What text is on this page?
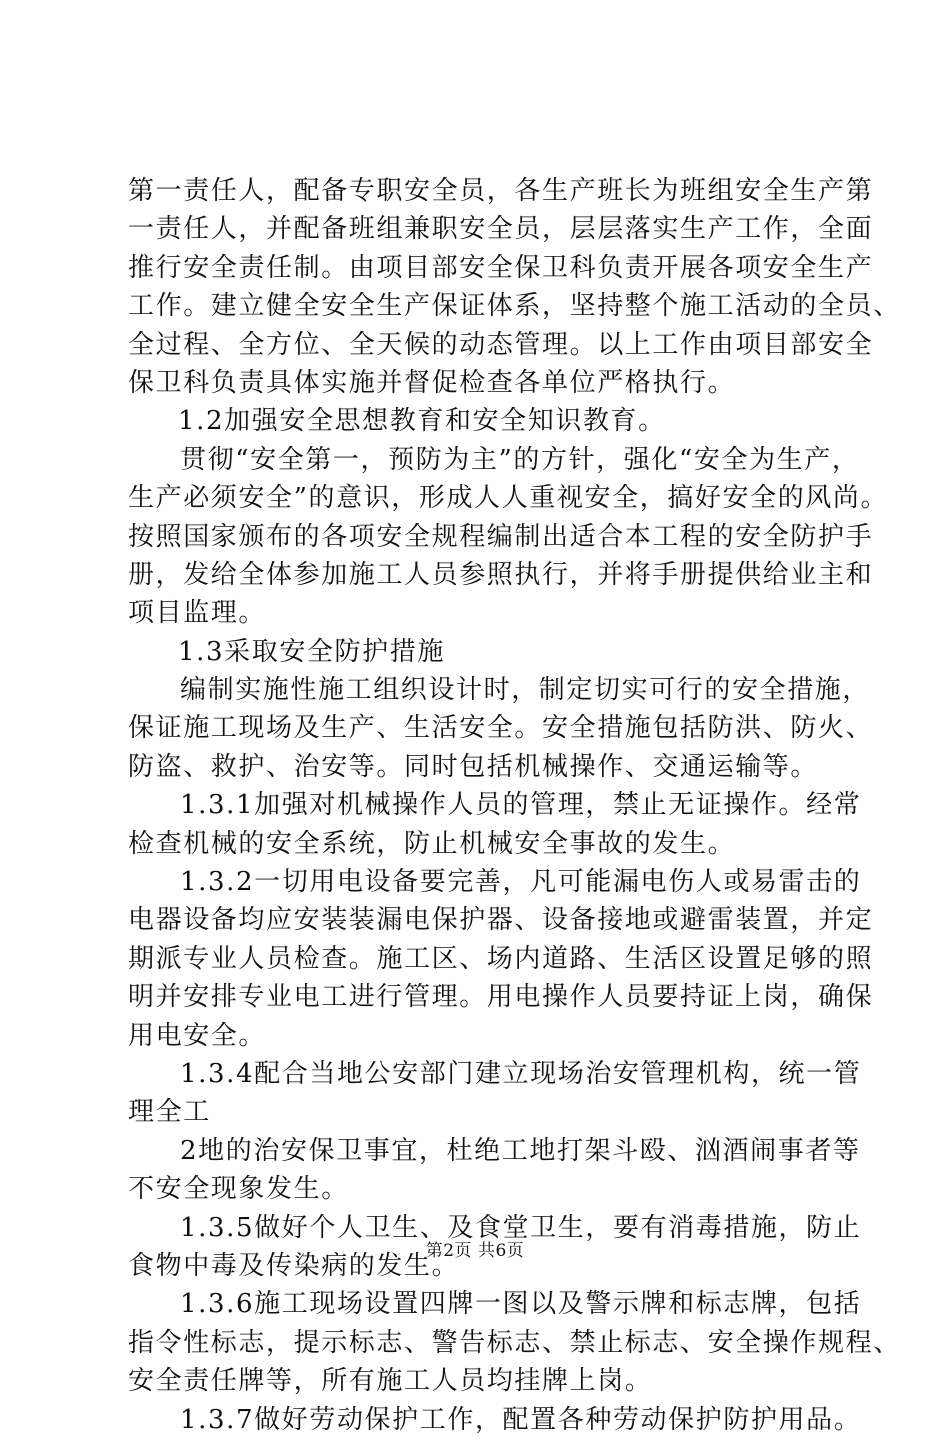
第一责任人，配备专职安全员，各生产班长为班组安全生产第
一责任人，并配备班组兼职安全员，层层落实生产工作，全面
推行安全责任制。由项目部安全保卫科负责开展各项安全生产
工作。建立健全安全生产保证体系，坚持整个施工活动的全员、
全过程、全方位、全天候的动态管理。以上工作由项目部安全
保卫科负责具体实施并督促检查各单位严格执行。
1.2加强安全思想教育和安全知识教育。
贯彻“安全第一，预防为主”的方针，强化“安全为生产，
生产必须安全”的意识，形成人人重视安全，搞好安全的风尚。
按照国家颁布的各项安全规程编制出适合本工程的安全防护手
册，发给全体参加施工人员参照执行，并将手册提供给业主和
项目监理。
1.3采取安全防护措施
编制实施性施工组织设计时，制定切实可行的安全措施，
保证施工现场及生产、生活安全。安全措施包括防洪、防火、
防盗、救护、治安等。同时包括机械操作、交通运输等。
1.3.1加强对机械操作人员的管理，禁止无证操作。经常
检查机械的安全系统，防止机械安全事故的发生。
1.3.2一切用电设备要完善，凡可能漏电伤人或易雷击的
电器设备均应安装装漏电保护器、设备接地或避雷装置，并定
期派专业人员检查。施工区、场内道路、生活区设置足够的照
明并安排专业电工进行管理。用电操作人员要持证上岗，确保
用电安全。
1.3.4配合当地公安部门建立现场治安管理机构，统一管
理全工
2地的治安保卫事宜，杜绝工地打架斗殴、汹酒闹事者等
不安全现象发生。
1.3.5做好个人卫生、及食堂卫生，要有消毒措施，防止
食物中毒及传染病的发生。
1.3.6施工现场设置四牌一图以及警示牌和标志牌，包括
指令性标志，提示标志、警告标志、禁止标志、安全操作规程、
安全责任牌等，所有施工人员均挂牌上岗。
1.3.7做好劳动保护工作，配置各种劳动保护防护用品。
第2页 共6页
